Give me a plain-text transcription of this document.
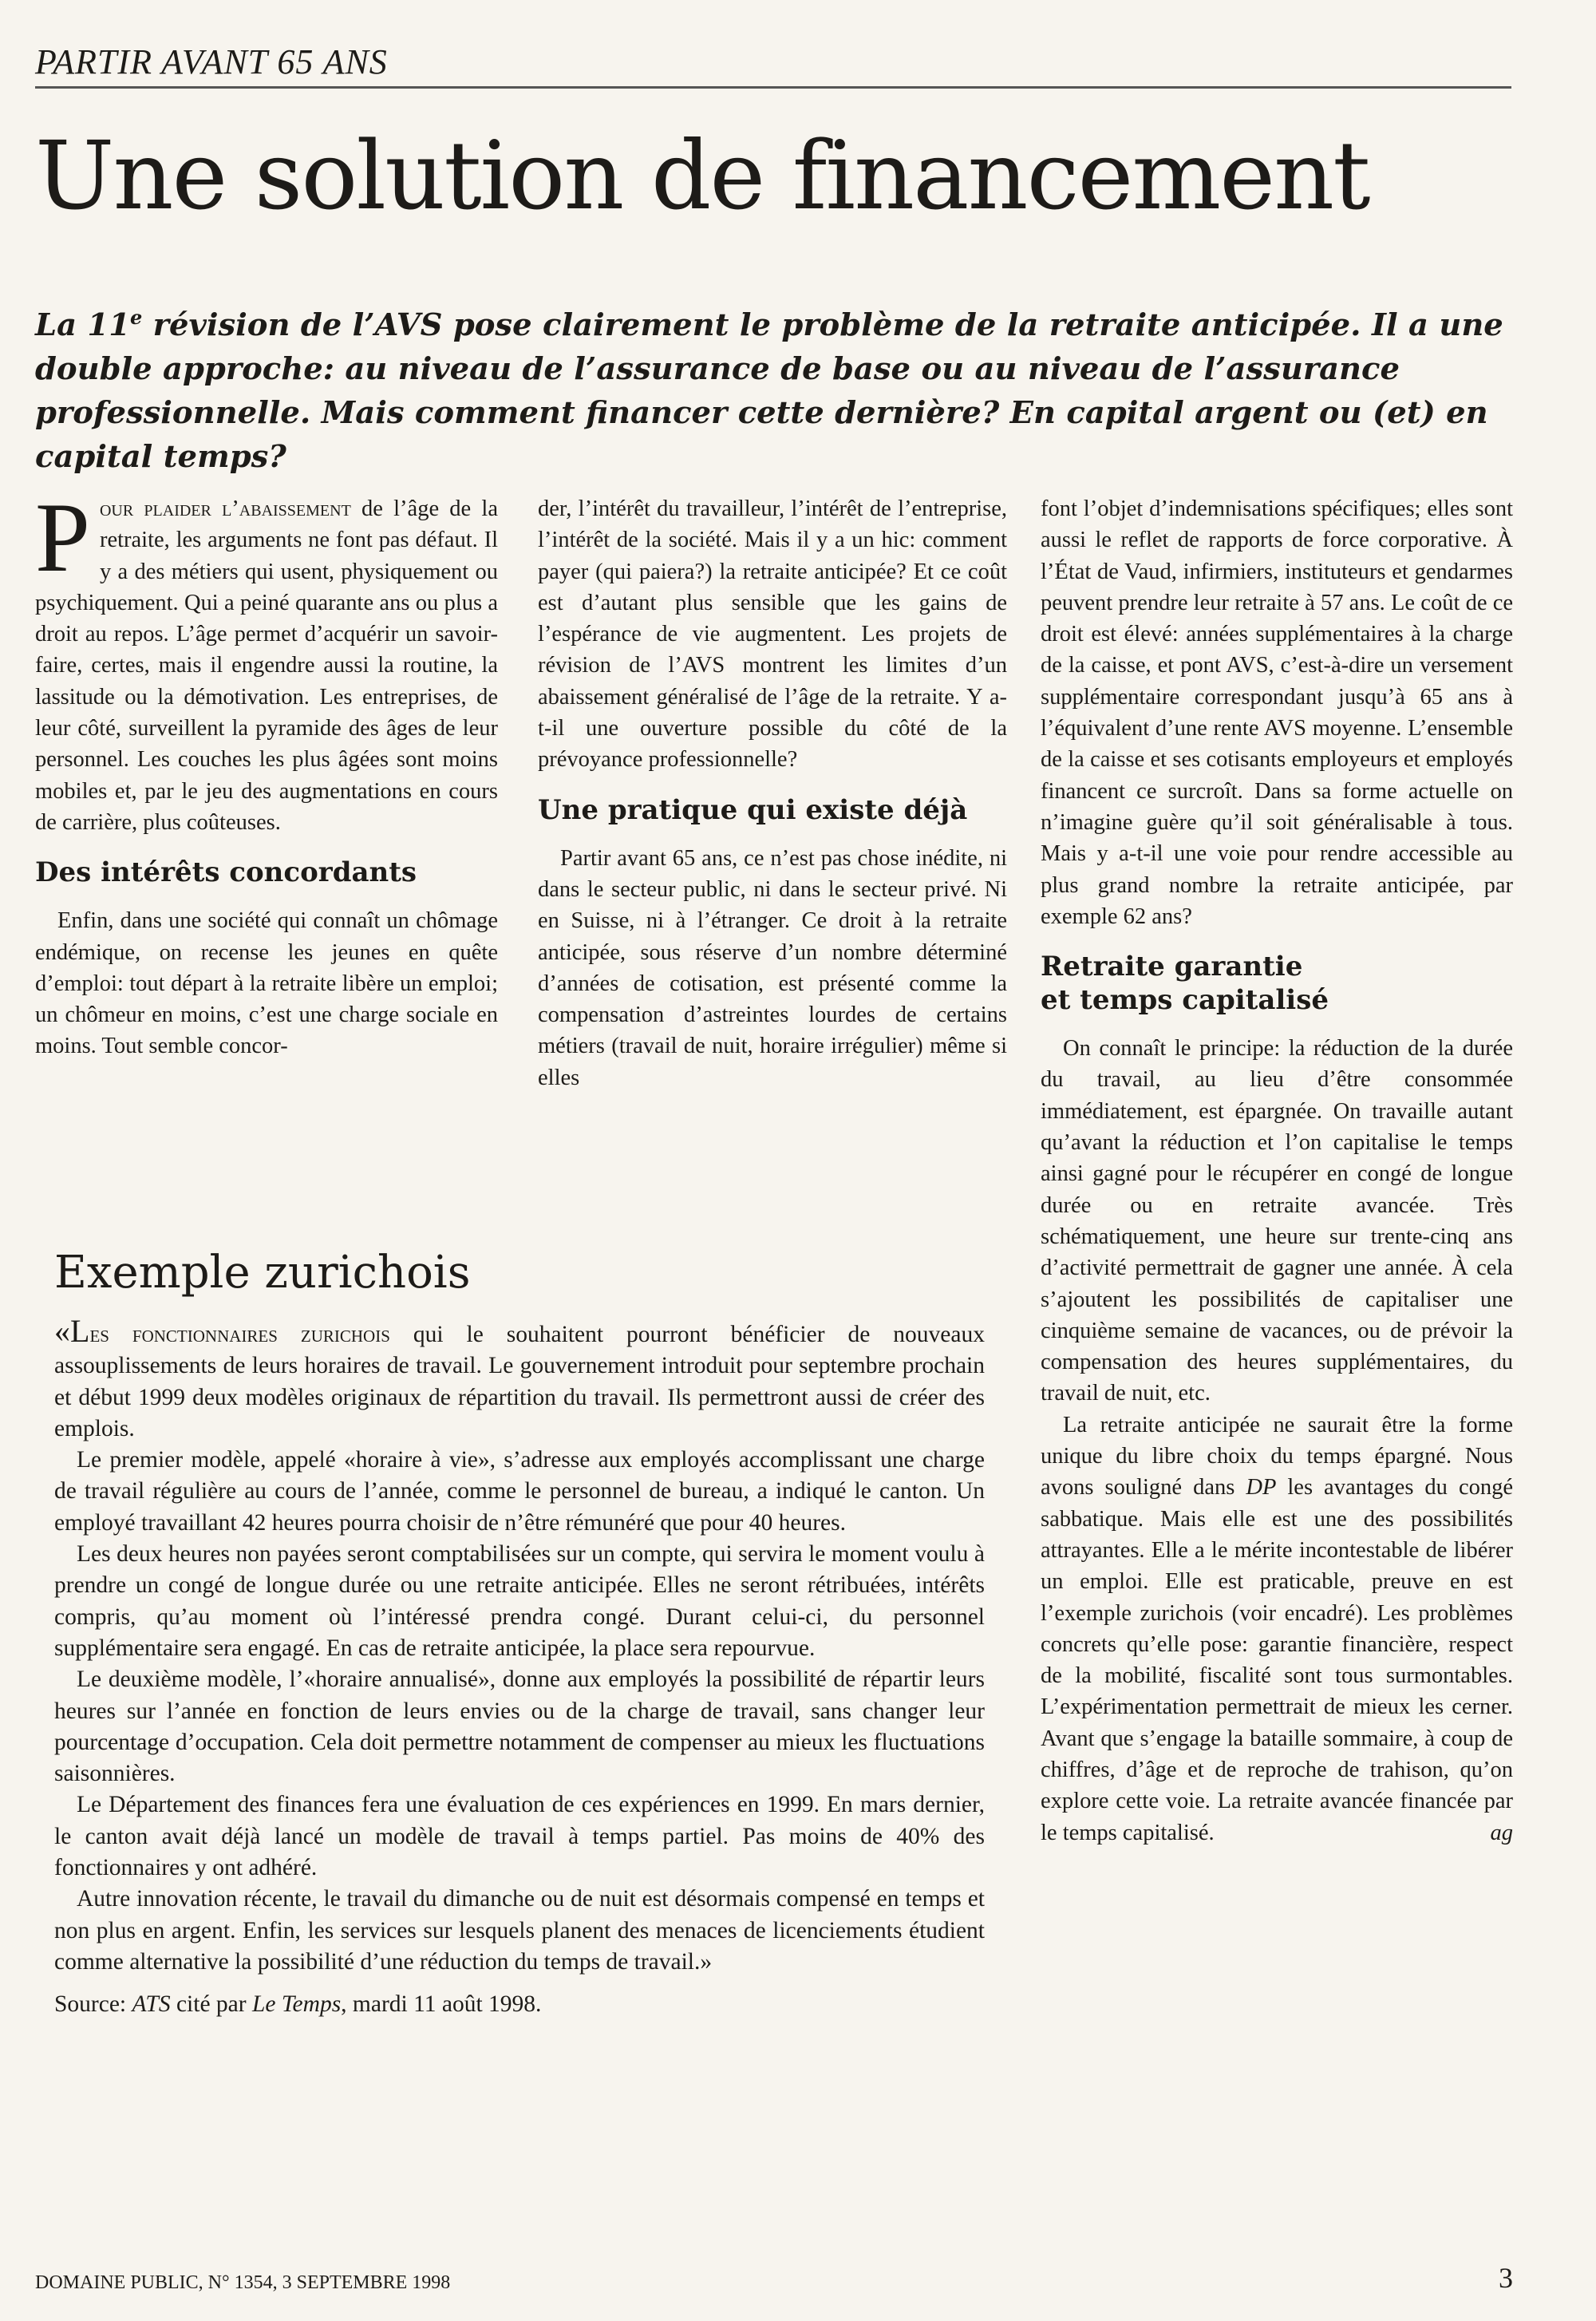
PARTIR AVANT 65 ANS
Une solution de financement

La 11e révision de l’AVS pose clairement le problème de la retraite anticipée. Il a une double approche: au niveau de l’assurance de base ou au niveau de l’assurance professionnelle. Mais comment financer cette dernière? En capital argent ou (et) en capital temps?

Pour plaider l’abaissement de l’âge de la retraite, les arguments ne font pas défaut. Il y a des métiers qui usent, physiquement ou psychiquement. Qui a peiné quarante ans ou plus a droit au repos. L’âge permet d’acquérir un savoir-faire, certes, mais il engendre aussi la routine, la lassitude ou la démotivation. Les entreprises, de leur côté, surveillent la pyramide des âges de leur personnel. Les couches les plus âgées sont moins mobiles et, par le jeu des augmentations en cours de carrière, plus coûteuses.

Des intérêts concordants

Enfin, dans une société qui connaît un chômage endémique, on recense les jeunes en quête d’emploi: tout départ à la retraite libère un emploi; un chômeur en moins, c’est une charge sociale en moins. Tout semble concor-

der, l’intérêt du travailleur, l’intérêt de l’entreprise, l’intérêt de la société. Mais il y a un hic: comment payer (qui paiera?) la retraite anticipée? Et ce coût est d’autant plus sensible que les gains de l’espérance de vie augmentent. Les projets de révision de l’AVS montrent les limites d’un abaissement généralisé de l’âge de la retraite. Y a-t-il une ouverture possible du côté de la prévoyance professionnelle?

Une pratique qui existe déjà

Partir avant 65 ans, ce n’est pas chose inédite, ni dans le secteur public, ni dans le secteur privé. Ni en Suisse, ni à l’étranger. Ce droit à la retraite anticipée, sous réserve d’un nombre déterminé d’années de cotisation, est présenté comme la compensation d’astreintes lourdes de certains métiers (travail de nuit, horaire irrégulier) même si elles

font l’objet d’indemnisations spécifiques; elles sont aussi le reflet de rapports de force corporative. À l’État de Vaud, infirmiers, instituteurs et gendarmes peuvent prendre leur retraite à 57 ans. Le coût de ce droit est élevé: années supplémentaires à la charge de la caisse, et pont AVS, c’est-à-dire un versement supplémentaire correspondant jusqu’à 65 ans à l’équivalent d’une rente AVS moyenne. L’ensemble de la caisse et ses cotisants employeurs et employés financent ce surcroît. Dans sa forme actuelle on n’imagine guère qu’il soit généralisable à tous. Mais y a-t-il une voie pour rendre accessible au plus grand nombre la retraite anticipée, par exemple 62 ans?

Retraite garantie
et temps capitalisé

On connaît le principe: la réduction de la durée du travail, au lieu d’être consommée immédiatement, est épargnée. On travaille autant qu’avant la réduction et l’on capitalise le temps ainsi gagné pour le récupérer en congé de longue durée ou en retraite avancée. Très schématiquement, une heure sur trente-cinq ans d’activité permettrait de gagner une année. À cela s’ajoutent les possibilités de capitaliser une cinquième semaine de vacances, ou de prévoir la compensation des heures supplémentaires, du travail de nuit, etc.

La retraite anticipée ne saurait être la forme unique du libre choix du temps épargné. Nous avons souligné dans DP les avantages du congé sabbatique. Mais elle est une des possibilités attrayantes. Elle a le mérite incontestable de libérer un emploi. Elle est praticable, preuve en est l’exemple zurichois (voir encadré). Les problèmes concrets qu’elle pose: garantie financière, respect de la mobilité, fiscalité sont tous surmontables. L’expérimentation permettrait de mieux les cerner. Avant que s’engage la bataille sommaire, à coup de chiffres, d’âge et de reproche de trahison, qu’on explore cette voie. La retraite avancée financée par le temps capitalisé.	ag

Exemple zurichois

«Les fonctionnaires zurichois qui le souhaitent pourront bénéficier de nouveaux assouplissements de leurs horaires de travail. Le gouvernement introduit pour septembre prochain et début 1999 deux modèles originaux de répartition du travail. Ils permettront aussi de créer des emplois.

Le premier modèle, appelé «horaire à vie», s’adresse aux employés accomplissant une charge de travail régulière au cours de l’année, comme le personnel de bureau, a indiqué le canton. Un employé travaillant 42 heures pourra choisir de n’être rémunéré que pour 40 heures.

Les deux heures non payées seront comptabilisées sur un compte, qui servira le moment voulu à prendre un congé de longue durée ou une retraite anticipée. Elles ne seront rétribuées, intérêts compris, qu’au moment où l’intéressé prendra congé. Durant celui-ci, du personnel supplémentaire sera engagé. En cas de retraite anticipée, la place sera repourvue.

Le deuxième modèle, l’«horaire annualisé», donne aux employés la possibilité de répartir leurs heures sur l’année en fonction de leurs envies ou de la charge de travail, sans changer leur pourcentage d’occupation. Cela doit permettre notamment de compenser au mieux les fluctuations saisonnières.

Le Département des finances fera une évaluation de ces expériences en 1999. En mars dernier, le canton avait déjà lancé un modèle de travail à temps partiel. Pas moins de 40% des fonctionnaires y ont adhéré.

Autre innovation récente, le travail du dimanche ou de nuit est désormais compensé en temps et non plus en argent. Enfin, les services sur lesquels planent des menaces de licenciements étudient comme alternative la possibilité d’une réduction du temps de travail.»

Source: ATS cité par Le Temps, mardi 11 août 1998.

DOMAINE PUBLIC, N° 1354, 3 SEPTEMBRE 1998	3
